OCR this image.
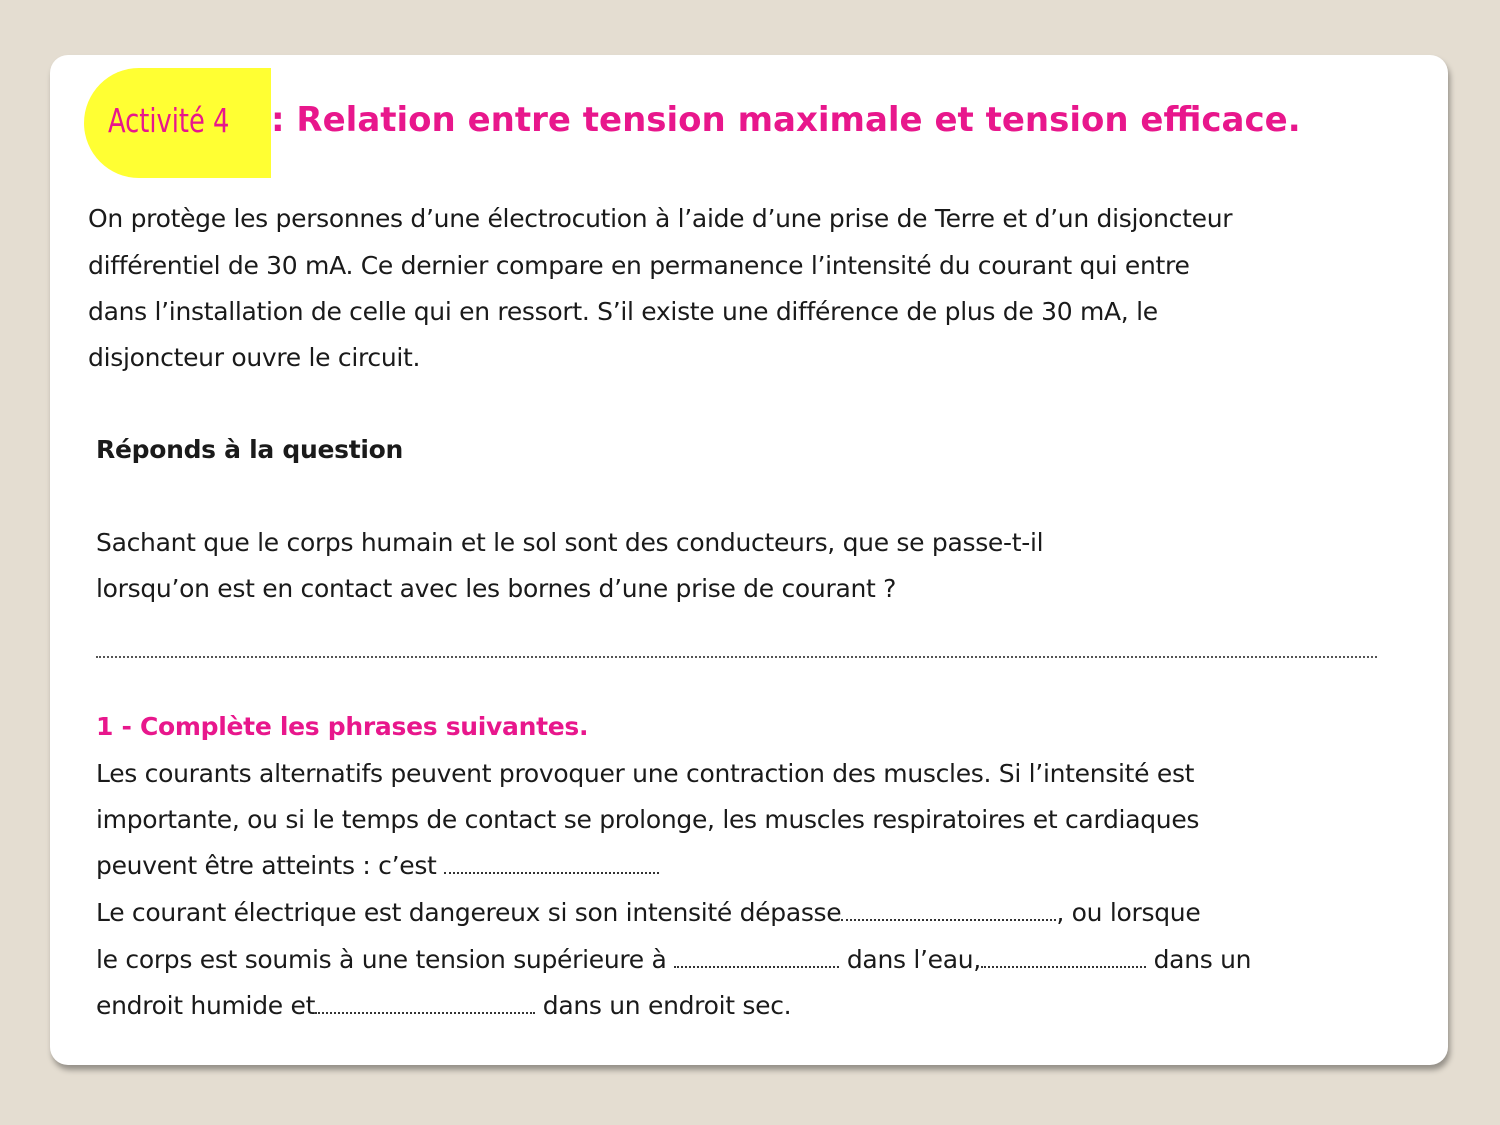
Activité 4 : Relation entre tension maximale et tension efficace.
On protège les personnes d’une électrocution à l’aide d’une prise de Terre et d’un disjoncteur
différentiel de 30 mA. Ce dernier compare en permanence l’intensité du courant qui entre
dans l’installation de celle qui en ressort. S’il existe une différence de plus de 30 mA, le
disjoncteur ouvre le circuit.
Réponds à la question
Sachant que le corps humain et le sol sont des conducteurs, que se passe-t-il
lorsqu’on est en contact avec les bornes d’une prise de courant ?
1 - Complète les phrases suivantes.
Les courants alternatifs peuvent provoquer une contraction des muscles. Si l’intensité est
importante, ou si le temps de contact se prolonge, les muscles respiratoires et cardiaques
peuvent être atteints : c’est
Le courant électrique est dangereux si son intensité dépasse	, ou lorsque
le corps est soumis à une tension supérieure à	dans l’eau,	dans un
endroit humide et	dans un endroit sec.
